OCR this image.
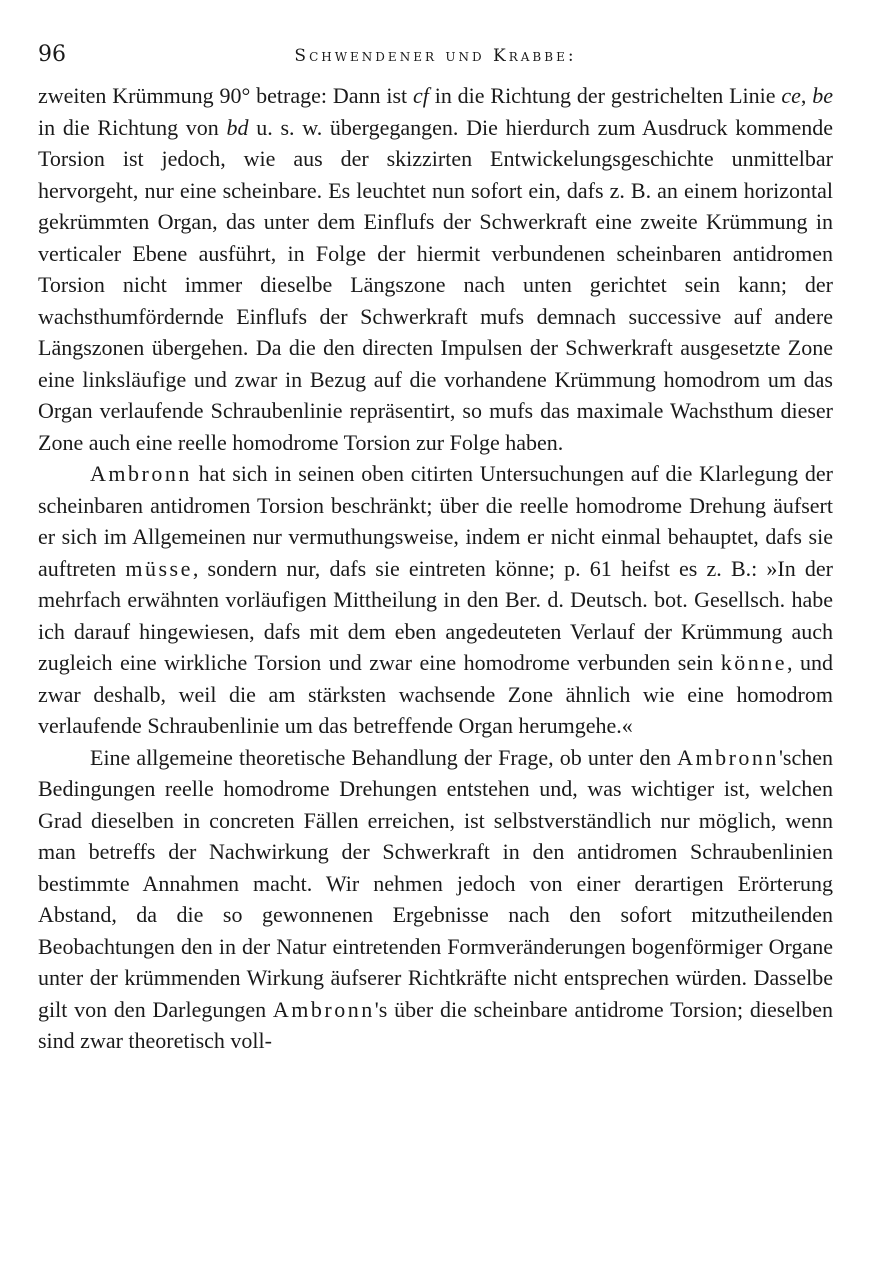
96	Schwendener und Krabbe:

zweiten Krümmung 90° betrage: Dann ist cf in die Richtung der gestrichelten Linie ce, be in die Richtung von bd u. s. w. übergegangen. Die hierdurch zum Ausdruck kommende Torsion ist jedoch, wie aus der skizzirten Entwickelungsgeschichte unmittelbar hervorgeht, nur eine scheinbare. Es leuchtet nun sofort ein, dafs z. B. an einem horizontal gekrümmten Organ, das unter dem Einflufs der Schwerkraft eine zweite Krümmung in verticaler Ebene ausführt, in Folge der hiermit verbundenen scheinbaren antidromen Torsion nicht immer dieselbe Längszone nach unten gerichtet sein kann; der wachsthumfördernde Einflufs der Schwerkraft mufs demnach successive auf andere Längszonen übergehen. Da die den directen Impulsen der Schwerkraft ausgesetzte Zone eine linksläufige und zwar in Bezug auf die vorhandene Krümmung homodrom um das Organ verlaufende Schraubenlinie repräsentirt, so mufs das maximale Wachsthum dieser Zone auch eine reelle homodrome Torsion zur Folge haben.

Ambronn hat sich in seinen oben citirten Untersuchungen auf die Klarlegung der scheinbaren antidromen Torsion beschränkt; über die reelle homodrome Drehung äufsert er sich im Allgemeinen nur vermuthungsweise, indem er nicht einmal behauptet, dafs sie auftreten müsse, sondern nur, dafs sie eintreten könne; p. 61 heifst es z. B.: »In der mehrfach erwähnten vorläufigen Mittheilung in den Ber. d. Deutsch. bot. Gesellsch. habe ich darauf hingewiesen, dafs mit dem eben angedeuteten Verlauf der Krümmung auch zugleich eine wirkliche Torsion und zwar eine homodrome verbunden sein könne, und zwar deshalb, weil die am stärksten wachsende Zone ähnlich wie eine homodrom verlaufende Schraubenlinie um das betreffende Organ herumgehe.«

Eine allgemeine theoretische Behandlung der Frage, ob unter den Ambronn'schen Bedingungen reelle homodrome Drehungen entstehen und, was wichtiger ist, welchen Grad dieselben in concreten Fällen erreichen, ist selbstverständlich nur möglich, wenn man betreffs der Nachwirkung der Schwerkraft in den antidromen Schraubenlinien bestimmte Annahmen macht. Wir nehmen jedoch von einer derartigen Erörterung Abstand, da die so gewonnenen Ergebnisse nach den sofort mitzutheilenden Beobachtungen den in der Natur eintretenden Formveränderungen bogenförmiger Organe unter der krümmenden Wirkung äufserer Richtkräfte nicht entsprechen würden. Dasselbe gilt von den Darlegungen Ambronn's über die scheinbare antidrome Torsion; dieselben sind zwar theoretisch voll-
